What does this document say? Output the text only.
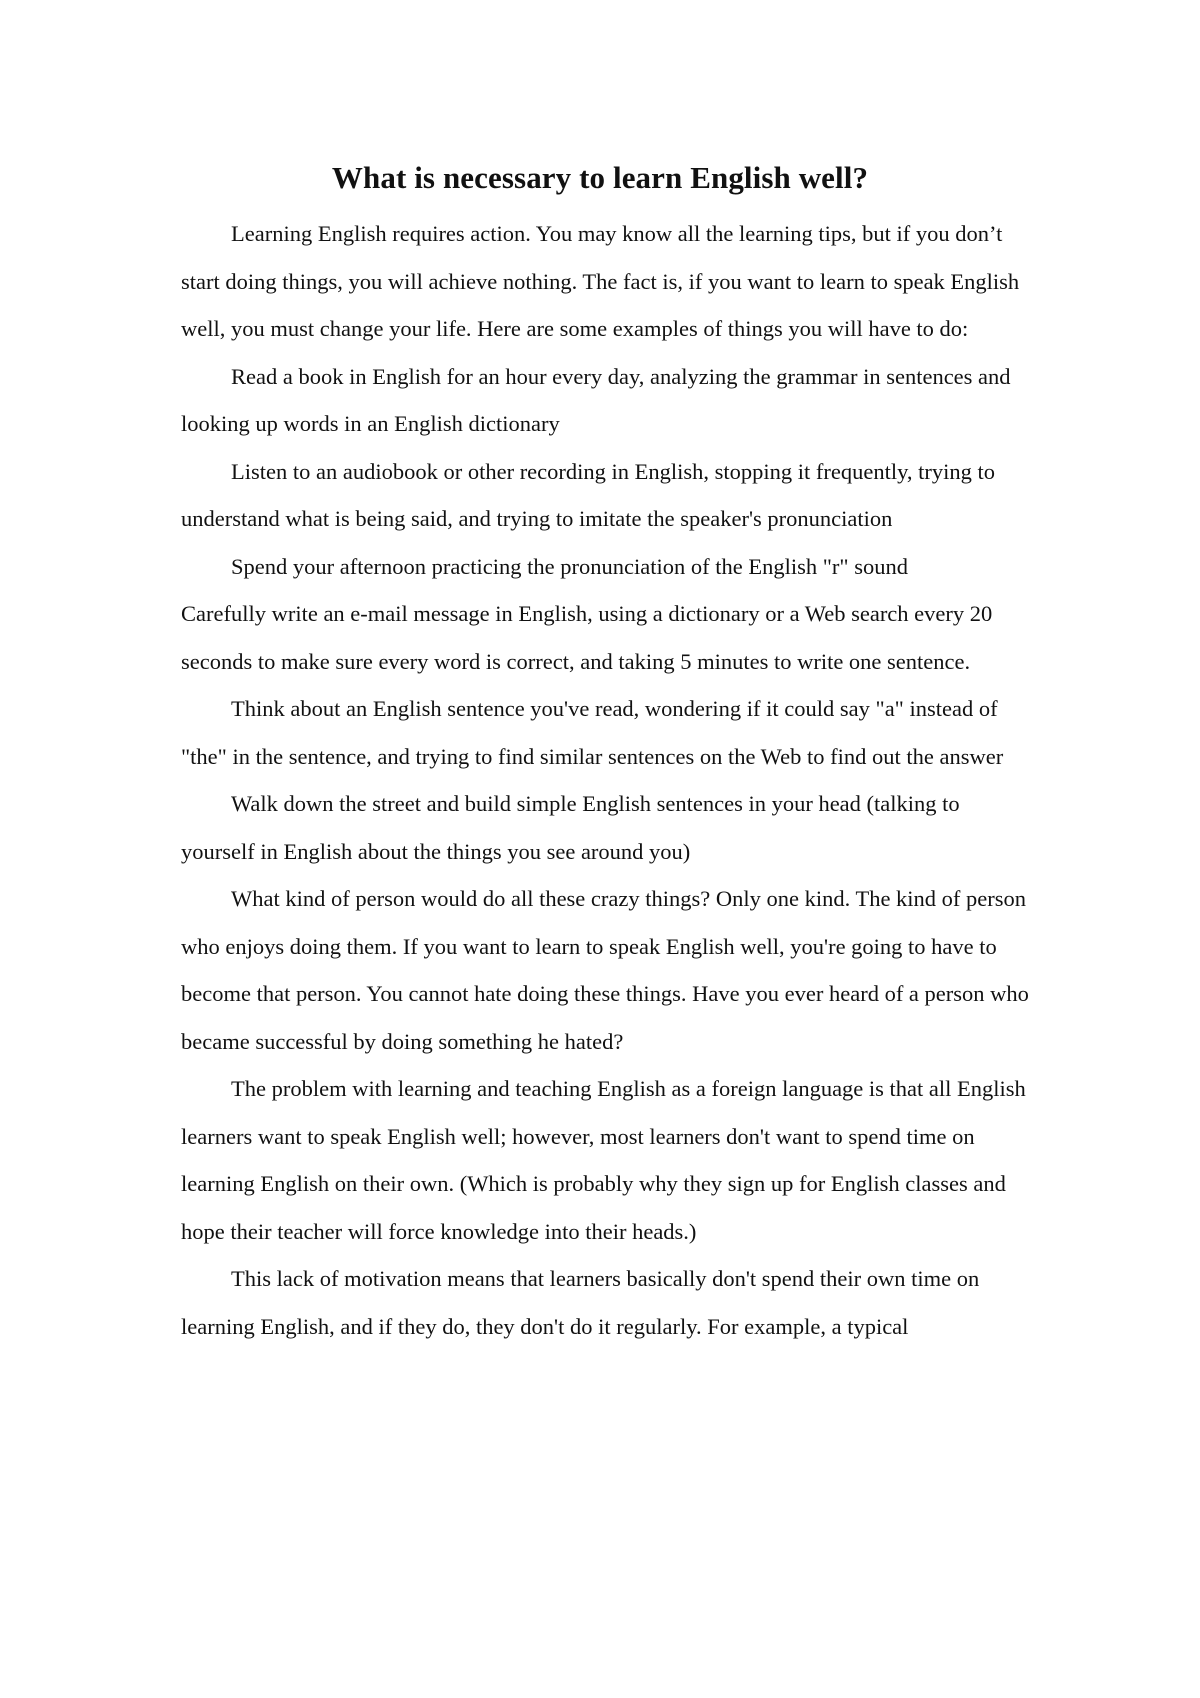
What is necessary to learn English well?

Learning English requires action. You may know all the learning tips, but if you don’t start doing things, you will achieve nothing. The fact is, if you want to learn to speak English well, you must change your life. Here are some examples of things you will have to do:

Read a book in English for an hour every day, analyzing the grammar in sentences and looking up words in an English dictionary

Listen to an audiobook or other recording in English, stopping it frequently, trying to understand what is being said, and trying to imitate the speaker's pronunciation

Spend your afternoon practicing the pronunciation of the English "r" sound

Carefully write an e-mail message in English, using a dictionary or a Web search every 20 seconds to make sure every word is correct, and taking 5 minutes to write one sentence.

Think about an English sentence you've read, wondering if it could say "a" instead of "the" in the sentence, and trying to find similar sentences on the Web to find out the answer

Walk down the street and build simple English sentences in your head (talking to yourself in English about the things you see around you)

What kind of person would do all these crazy things? Only one kind. The kind of person who enjoys doing them. If you want to learn to speak English well, you're going to have to become that person. You cannot hate doing these things. Have you ever heard of a person who became successful by doing something he hated?

The problem with learning and teaching English as a foreign language is that all English learners want to speak English well; however, most learners don't want to spend time on learning English on their own. (Which is probably why they sign up for English classes and hope their teacher will force knowledge into their heads.)

This lack of motivation means that learners basically don't spend their own time on learning English, and if they do, they don't do it regularly. For example, a typical
